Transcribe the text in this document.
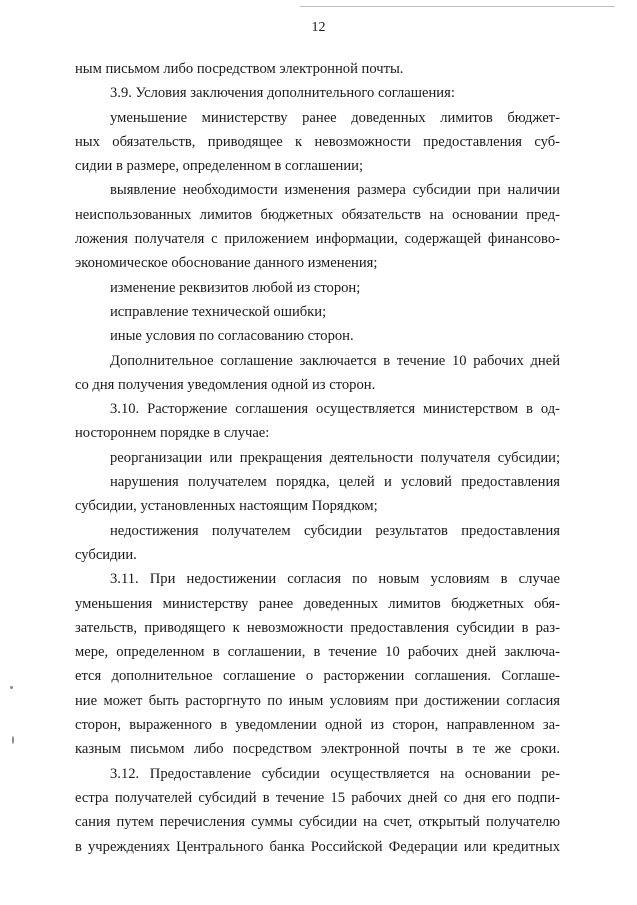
12
ным письмом либо посредством электронной почты.
3.9. Условия заключения дополнительного соглашения:
уменьшение министерству ранее доведенных лимитов бюджет-
ных обязательств, приводящее к невозможности предоставления суб-
сидии в размере, определенном в соглашении;
выявление необходимости изменения размера субсидии при наличии
неиспользованных лимитов бюджетных обязательств на основании пред-
ложения получателя с приложением информации, содержащей финансово-
экономическое обоснование данного изменения;
изменение реквизитов любой из сторон;
исправление технической ошибки;
иные условия по согласованию сторон.
Дополнительное соглашение заключается в течение 10 рабочих дней
со дня получения уведомления одной из сторон.
3.10. Расторжение соглашения осуществляется министерством в од-
ностороннем порядке в случае:
реорганизации или прекращения деятельности получателя субсидии;
нарушения получателем порядка, целей и условий предоставления
субсидии, установленных настоящим Порядком;
недостижения получателем субсидии результатов предоставления
субсидии.
3.11. При недостижении согласия по новым условиям в случае
уменьшения министерству ранее доведенных лимитов бюджетных обя-
зательств, приводящего к невозможности предоставления субсидии в раз-
мере, определенном в соглашении, в течение 10 рабочих дней заключа-
ется дополнительное соглашение о расторжении соглашения. Соглаше-
ние может быть расторгнуто по иным условиям при достижении согласия
сторон, выраженного в уведомлении одной из сторон, направленном за-
казным письмом либо посредством электронной почты в те же сроки.
3.12. Предоставление субсидии осуществляется на основании ре-
естра получателей субсидий в течение 15 рабочих дней со дня его подпи-
сания путем перечисления суммы субсидии на счет, открытый получателю
в учреждениях Центрального банка Российской Федерации или кредитных
